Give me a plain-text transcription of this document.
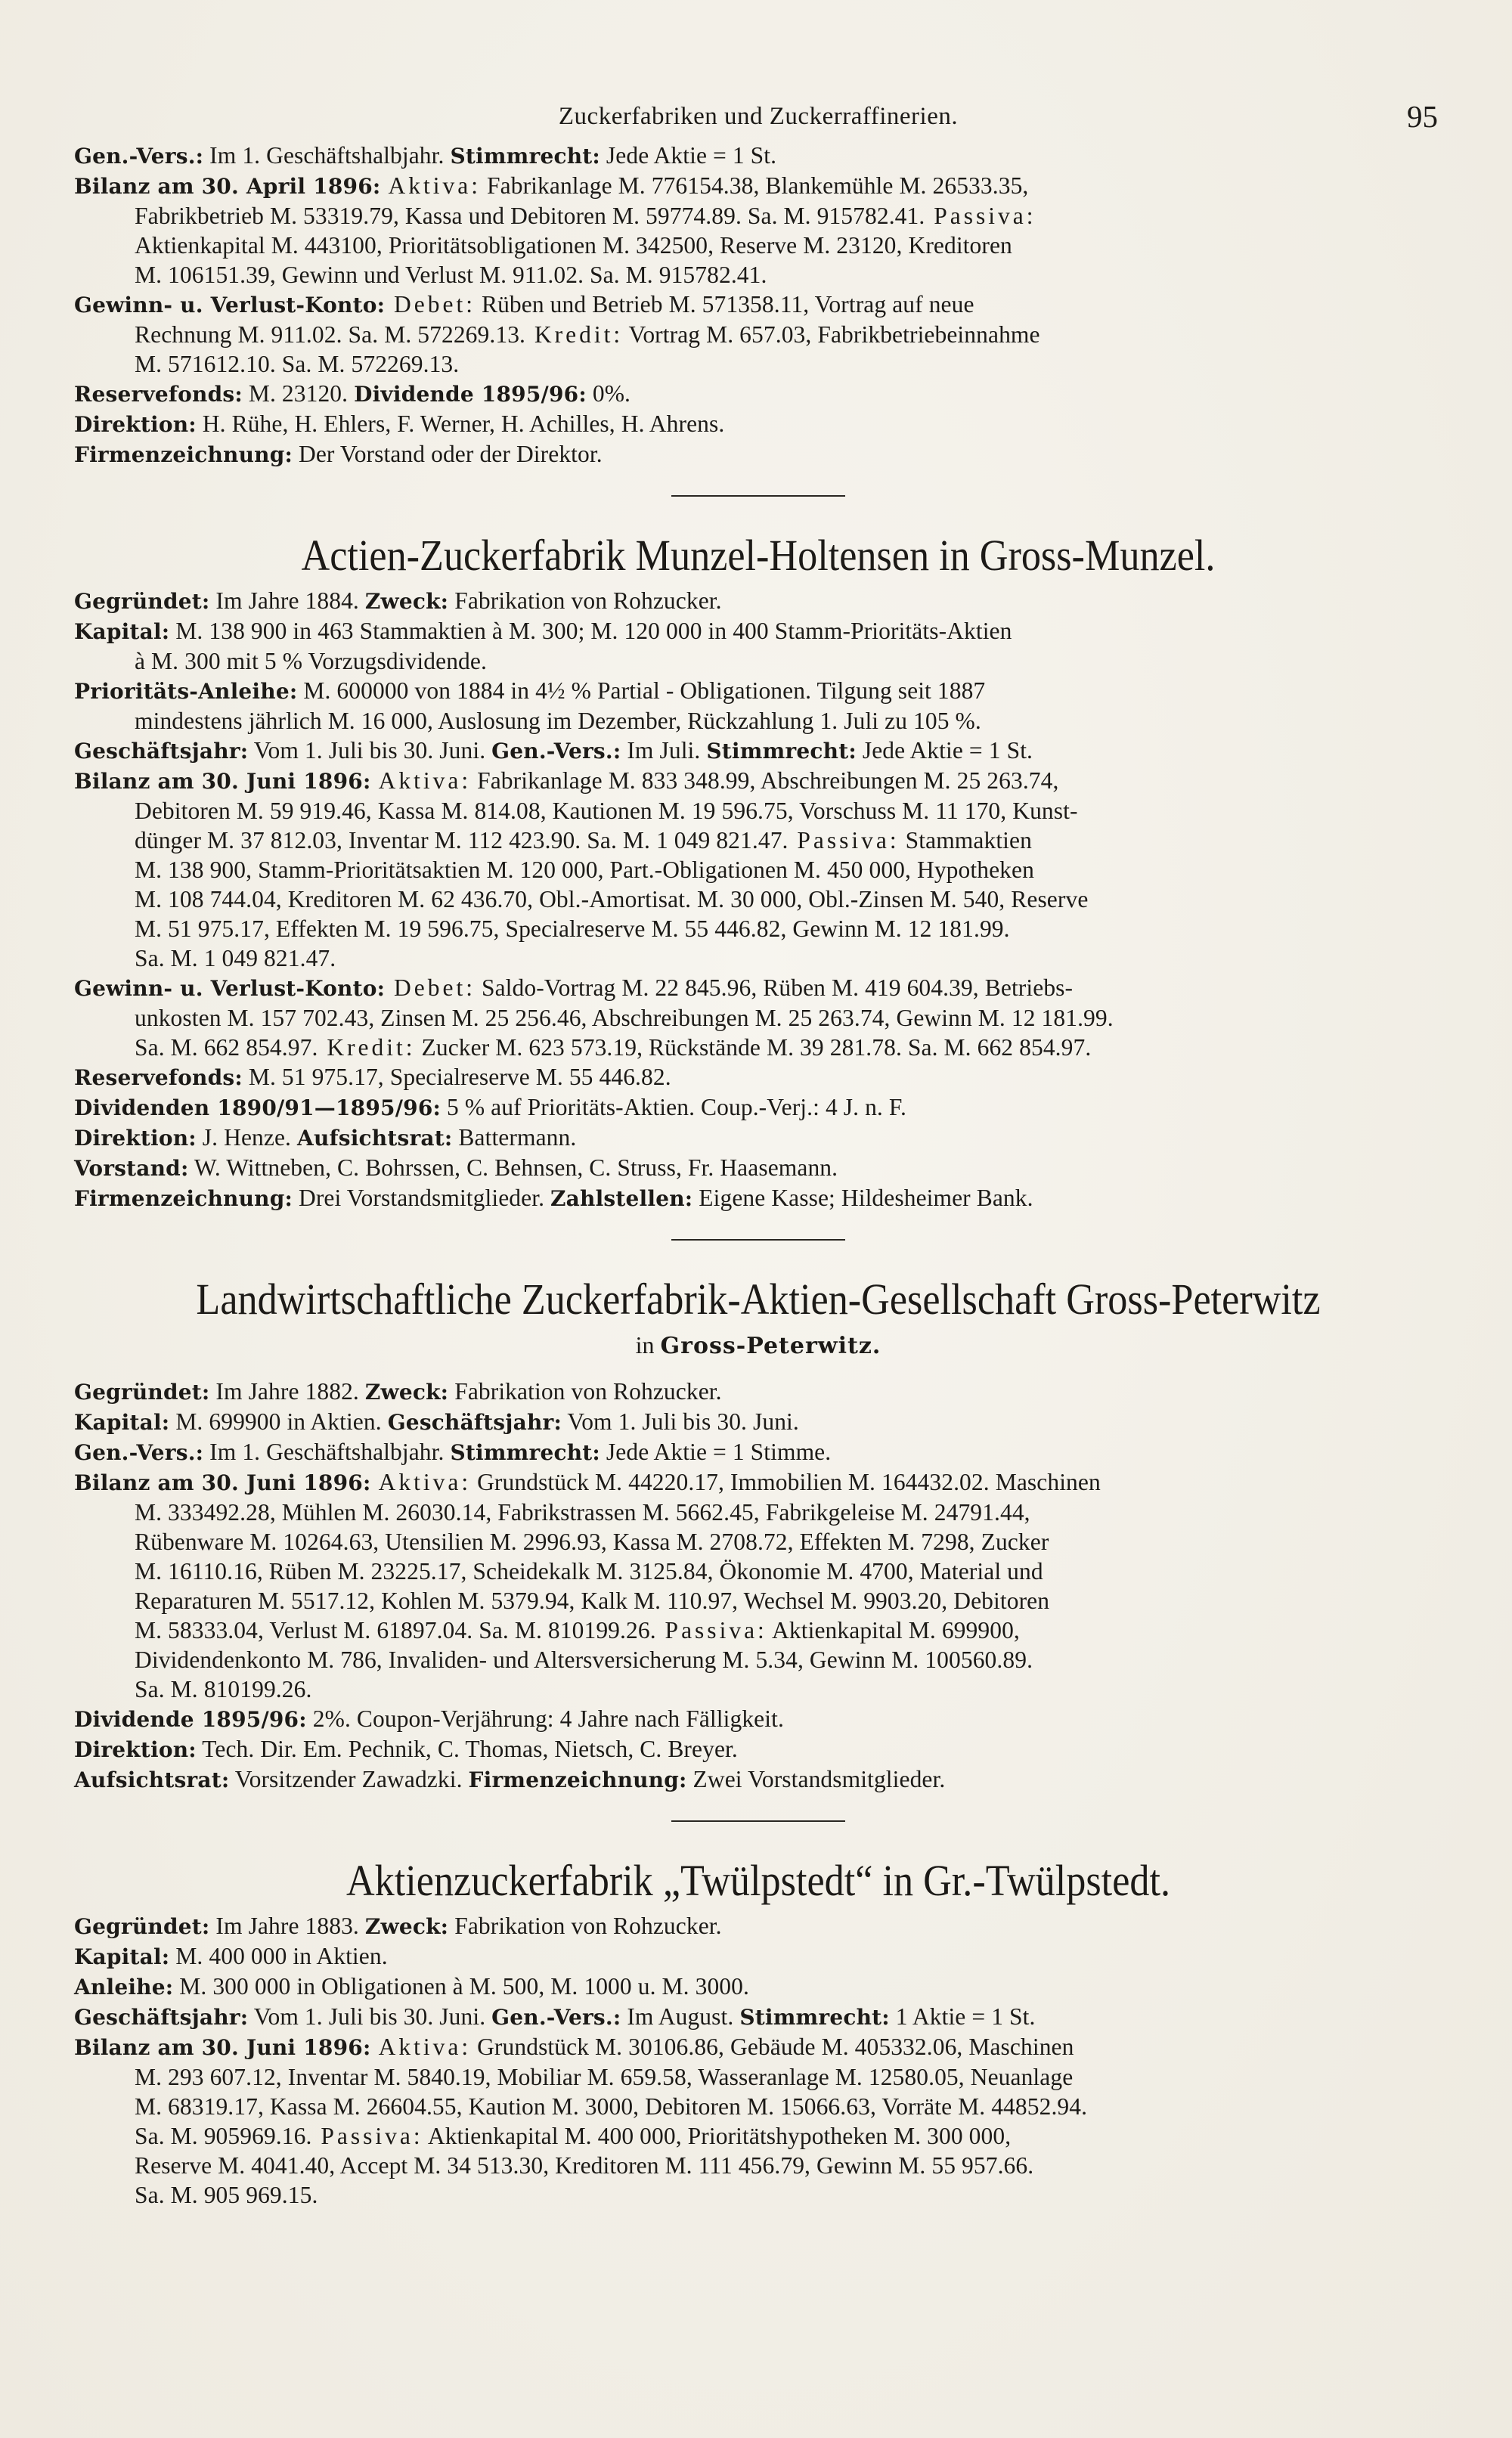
Zuckerfabriken und Zuckerraffinerien.	95
Gen.-Vers.: Im 1. Geschäftshalbjahr. Stimmrecht: Jede Aktie = 1 St.
Bilanz am 30. April 1896: Aktiva: Fabrikanlage M. 776154.38, Blankemühle M. 26533.35,
Fabrikbetrieb M. 53319.79, Kassa und Debitoren M. 59774.89. Sa. M. 915782.41. Passiva:
Aktienkapital M. 443100, Prioritätsobligationen M. 342500, Reserve M. 23120, Kreditoren
M. 106151.39, Gewinn und Verlust M. 911.02. Sa. M. 915782.41.
Gewinn- u. Verlust-Konto: Debet: Rüben und Betrieb M. 571358.11, Vortrag auf neue
Rechnung M. 911.02. Sa. M. 572269.13. Kredit: Vortrag M. 657.03, Fabrikbetriebeinnahme
M. 571612.10. Sa. M. 572269.13.
Reservefonds: M. 23120. Dividende 1895/96: 0%.
Direktion: H. Rühe, H. Ehlers, F. Werner, H. Achilles, H. Ahrens.
Firmenzeichnung: Der Vorstand oder der Direktor.
Actien-Zuckerfabrik Munzel-Holtensen in Gross-Munzel.
Gegründet: Im Jahre 1884. Zweck: Fabrikation von Rohzucker.
Kapital: M. 138 900 in 463 Stammaktien à M. 300; M. 120 000 in 400 Stamm-Prioritäts-Aktien
à M. 300 mit 5 % Vorzugsdividende.
Prioritäts-Anleihe: M. 600000 von 1884 in 4½ % Partial - Obligationen. Tilgung seit 1887
mindestens jährlich M. 16 000, Auslosung im Dezember, Rückzahlung 1. Juli zu 105 %.
Geschäftsjahr: Vom 1. Juli bis 30. Juni. Gen.-Vers.: Im Juli. Stimmrecht: Jede Aktie = 1 St.
Bilanz am 30. Juni 1896: Aktiva: Fabrikanlage M. 833 348.99, Abschreibungen M. 25 263.74,
Debitoren M. 59 919.46, Kassa M. 814.08, Kautionen M. 19 596.75, Vorschuss M. 11 170, Kunst-
dünger M. 37 812.03, Inventar M. 112 423.90. Sa. M. 1 049 821.47. Passiva: Stammaktien
M. 138 900, Stamm-Prioritätsaktien M. 120 000, Part.-Obligationen M. 450 000, Hypotheken
M. 108 744.04, Kreditoren M. 62 436.70, Obl.-Amortisat. M. 30 000, Obl.-Zinsen M. 540, Reserve
M. 51 975.17, Effekten M. 19 596.75, Specialreserve M. 55 446.82, Gewinn M. 12 181.99.
Sa. M. 1 049 821.47.
Gewinn- u. Verlust-Konto: Debet: Saldo-Vortrag M. 22 845.96, Rüben M. 419 604.39, Betriebs-
unkosten M. 157 702.43, Zinsen M. 25 256.46, Abschreibungen M. 25 263.74, Gewinn M. 12 181.99.
Sa. M. 662 854.97. Kredit: Zucker M. 623 573.19, Rückstände M. 39 281.78. Sa. M. 662 854.97.
Reservefonds: M. 51 975.17, Specialreserve M. 55 446.82.
Dividenden 1890/91—1895/96: 5 % auf Prioritäts-Aktien. Coup.-Verj.: 4 J. n. F.
Direktion: J. Henze. Aufsichtsrat: Battermann.
Vorstand: W. Wittneben, C. Bohrssen, C. Behnsen, C. Struss, Fr. Haasemann.
Firmenzeichnung: Drei Vorstandsmitglieder. Zahlstellen: Eigene Kasse; Hildesheimer Bank.
Landwirtschaftliche Zuckerfabrik-Aktien-Gesellschaft Gross-Peterwitz
in Gross-Peterwitz.
Gegründet: Im Jahre 1882. Zweck: Fabrikation von Rohzucker.
Kapital: M. 699900 in Aktien. Geschäftsjahr: Vom 1. Juli bis 30. Juni.
Gen.-Vers.: Im 1. Geschäftshalbjahr. Stimmrecht: Jede Aktie = 1 Stimme.
Bilanz am 30. Juni 1896: Aktiva: Grundstück M. 44220.17, Immobilien M. 164432.02. Maschinen
M. 333492.28, Mühlen M. 26030.14, Fabrikstrassen M. 5662.45, Fabrikgeleise M. 24791.44,
Rübenware M. 10264.63, Utensilien M. 2996.93, Kassa M. 2708.72, Effekten M. 7298, Zucker
M. 16110.16, Rüben M. 23225.17, Scheidekalk M. 3125.84, Ökonomie M. 4700, Material und
Reparaturen M. 5517.12, Kohlen M. 5379.94, Kalk M. 110.97, Wechsel M. 9903.20, Debitoren
M. 58333.04, Verlust M. 61897.04. Sa. M. 810199.26. Passiva: Aktienkapital M. 699900,
Dividendenkonto M. 786, Invaliden- und Altersversicherung M. 5.34, Gewinn M. 100560.89.
Sa. M. 810199.26.
Dividende 1895/96: 2%. Coupon-Verjährung: 4 Jahre nach Fälligkeit.
Direktion: Tech. Dir. Em. Pechnik, C. Thomas, Nietsch, C. Breyer.
Aufsichtsrat: Vorsitzender Zawadzki. Firmenzeichnung: Zwei Vorstandsmitglieder.
Aktienzuckerfabrik „Twülpstedt“ in Gr.-Twülpstedt.
Gegründet: Im Jahre 1883. Zweck: Fabrikation von Rohzucker.
Kapital: M. 400 000 in Aktien.
Anleihe: M. 300 000 in Obligationen à M. 500, M. 1000 u. M. 3000.
Geschäftsjahr: Vom 1. Juli bis 30. Juni. Gen.-Vers.: Im August. Stimmrecht: 1 Aktie = 1 St.
Bilanz am 30. Juni 1896: Aktiva: Grundstück M. 30106.86, Gebäude M. 405332.06, Maschinen
M. 293 607.12, Inventar M. 5840.19, Mobiliar M. 659.58, Wasseranlage M. 12580.05, Neuanlage
M. 68319.17, Kassa M. 26604.55, Kaution M. 3000, Debitoren M. 15066.63, Vorräte M. 44852.94.
Sa. M. 905969.16. Passiva: Aktienkapital M. 400 000, Prioritätshypotheken M. 300 000,
Reserve M. 4041.40, Accept M. 34 513.30, Kreditoren M. 111 456.79, Gewinn M. 55 957.66.
Sa. M. 905 969.15.
